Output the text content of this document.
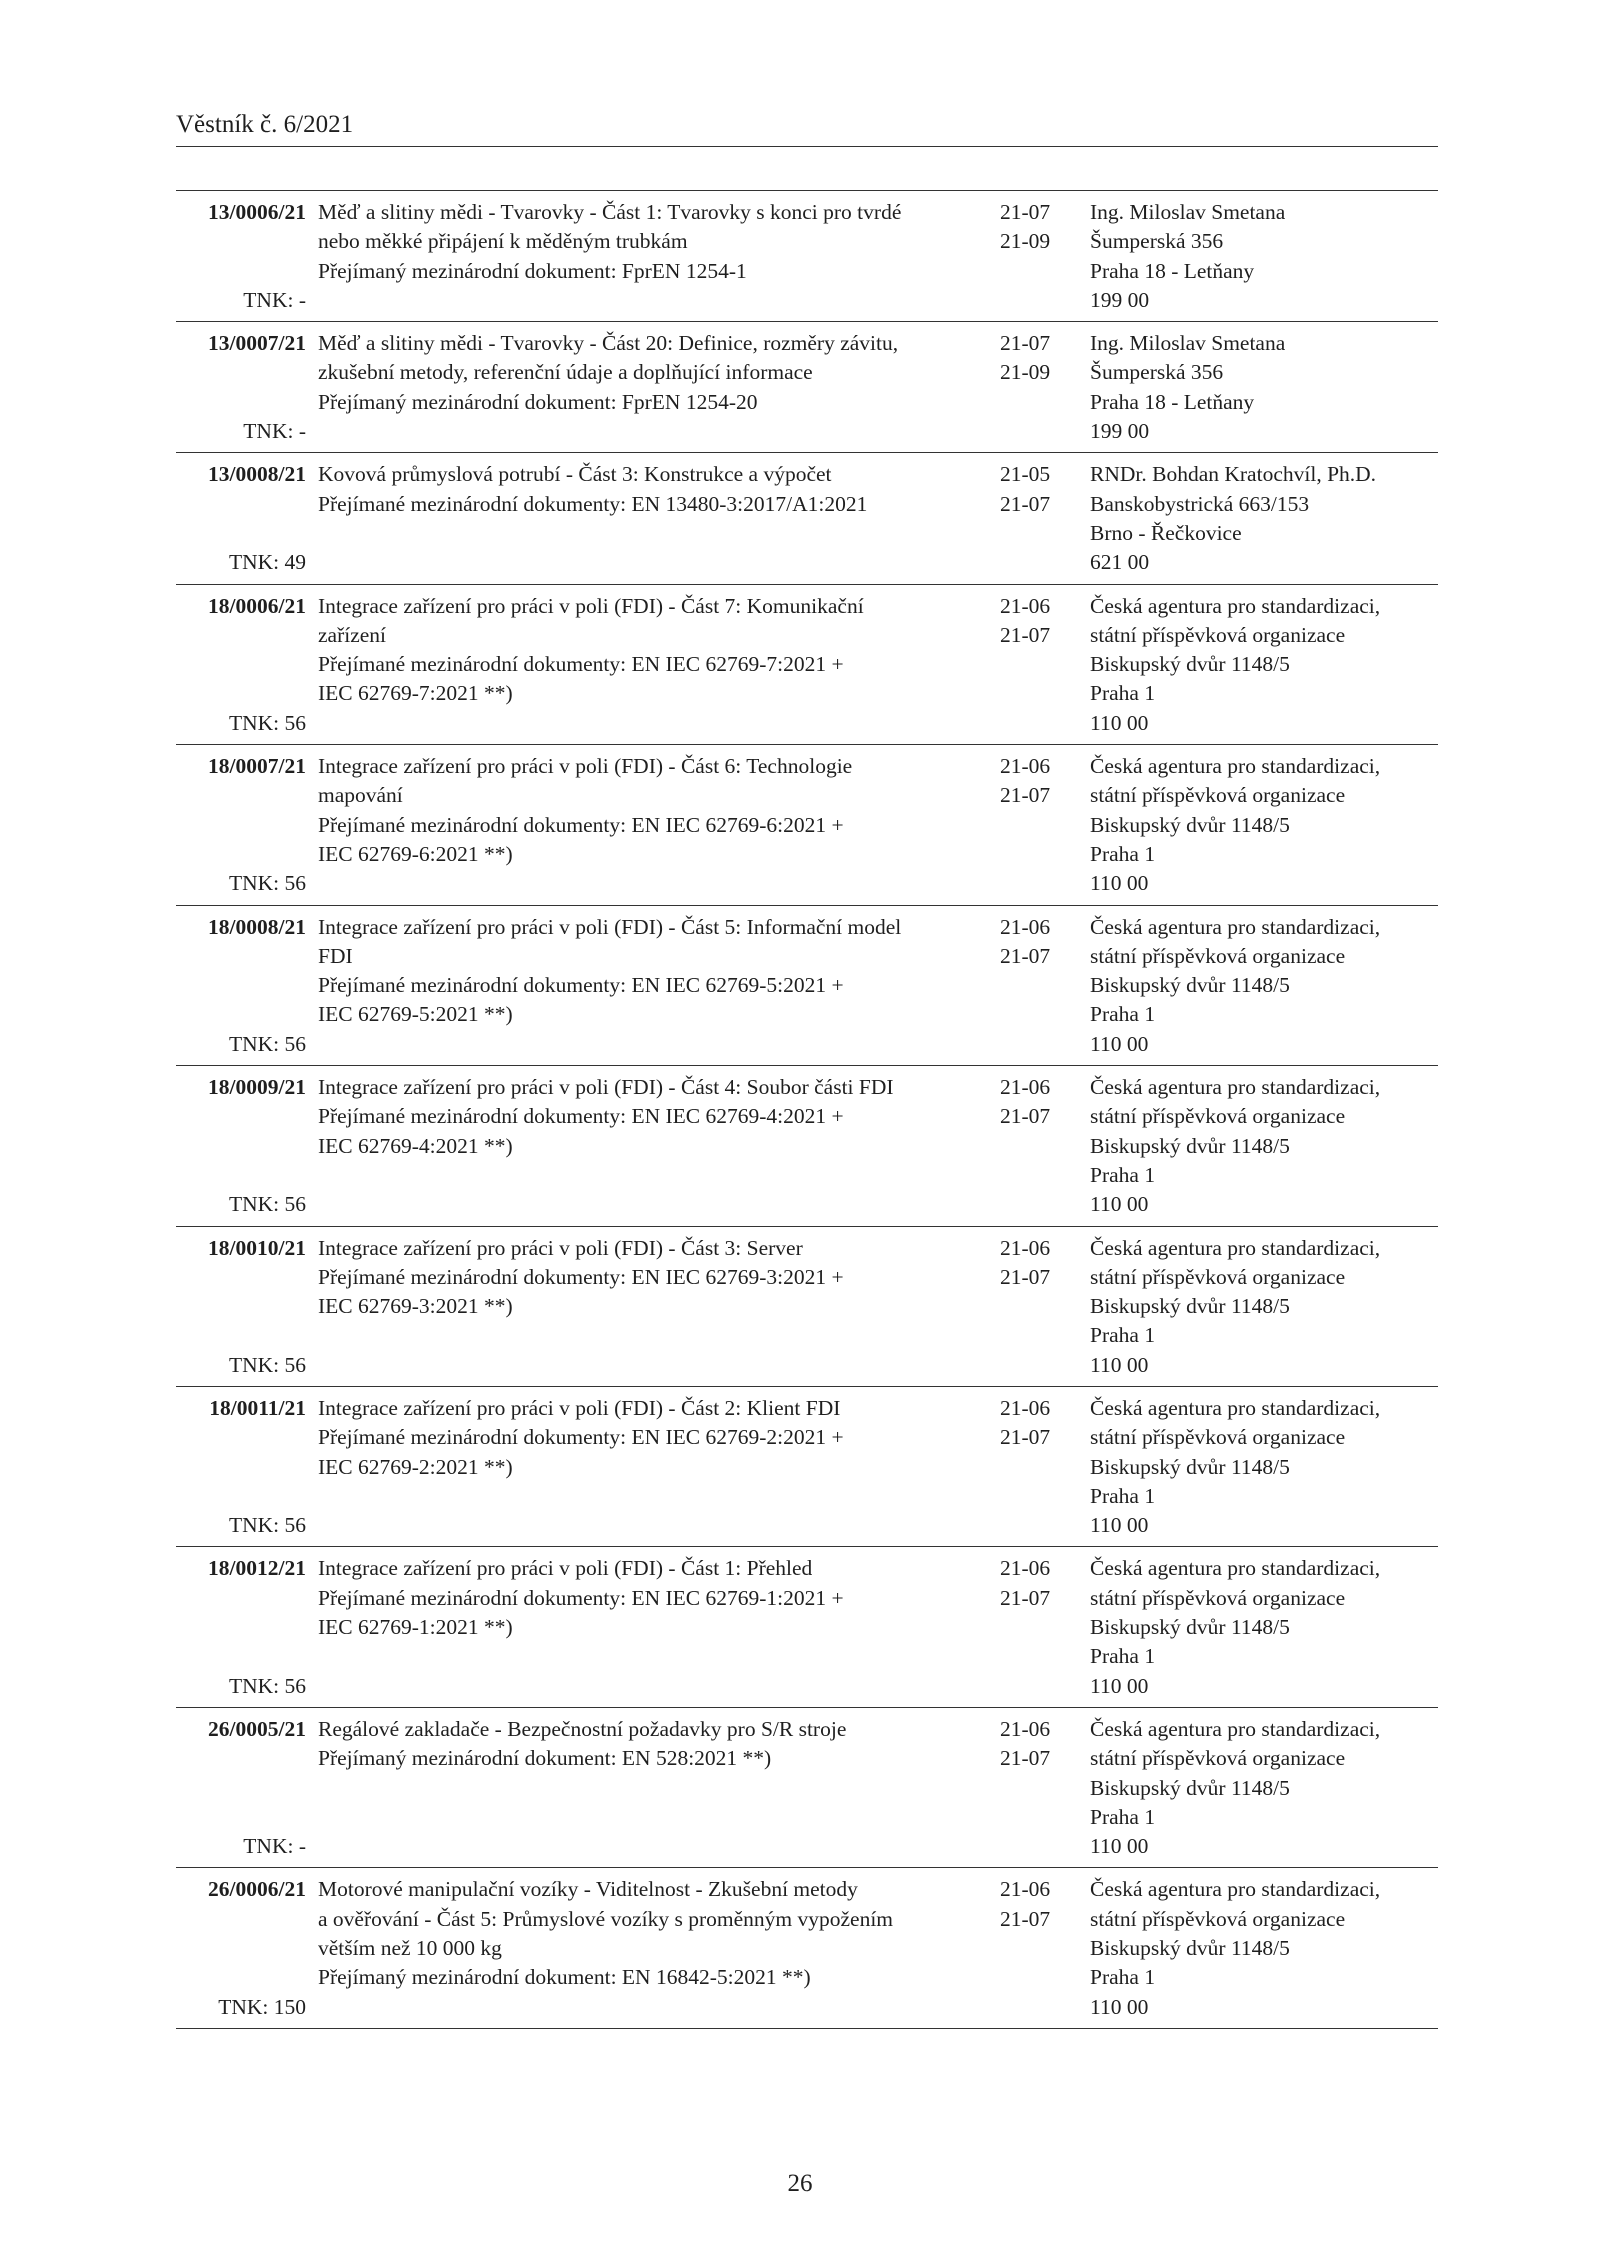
Věstník č. 6/2021
13/0006/21
TNK: -
Měď a slitiny mědi - Tvarovky - Část 1: Tvarovky s konci pro tvrdé
nebo měkké připájení k měděným trubkám
Přejímaný mezinárodní dokument: FprEN 1254-1
21-07
21-09
Ing. Miloslav Smetana
Šumperská 356
Praha 18 - Letňany
199 00
13/0007/21
TNK: -
Měď a slitiny mědi - Tvarovky - Část 20: Definice, rozměry závitu,
zkušební metody, referenční údaje a doplňující informace
Přejímaný mezinárodní dokument: FprEN 1254-20
21-07
21-09
Ing. Miloslav Smetana
Šumperská 356
Praha 18 - Letňany
199 00
13/0008/21
TNK: 49
Kovová průmyslová potrubí - Část 3: Konstrukce a výpočet
Přejímané mezinárodní dokumenty: EN 13480-3:2017/A1:2021
21-05
21-07
RNDr. Bohdan Kratochvíl, Ph.D.
Banskobystrická 663/153
Brno - Řečkovice
621 00
18/0006/21
TNK: 56
Integrace zařízení pro práci v poli (FDI) - Část 7: Komunikační
zařízení
Přejímané mezinárodní dokumenty: EN IEC 62769-7:2021 +
IEC 62769-7:2021 **)
21-06
21-07
Česká agentura pro standardizaci,
státní příspěvková organizace
Biskupský dvůr 1148/5
Praha 1
110 00
18/0007/21
TNK: 56
Integrace zařízení pro práci v poli (FDI) - Část 6: Technologie
mapování
Přejímané mezinárodní dokumenty: EN IEC 62769-6:2021 +
IEC 62769-6:2021 **)
21-06
21-07
Česká agentura pro standardizaci,
státní příspěvková organizace
Biskupský dvůr 1148/5
Praha 1
110 00
18/0008/21
TNK: 56
Integrace zařízení pro práci v poli (FDI) - Část 5: Informační model
FDI
Přejímané mezinárodní dokumenty: EN IEC 62769-5:2021 +
IEC 62769-5:2021 **)
21-06
21-07
Česká agentura pro standardizaci,
státní příspěvková organizace
Biskupský dvůr 1148/5
Praha 1
110 00
18/0009/21
TNK: 56
Integrace zařízení pro práci v poli (FDI) - Část 4: Soubor části FDI
Přejímané mezinárodní dokumenty: EN IEC 62769-4:2021 +
IEC 62769-4:2021 **)
21-06
21-07
Česká agentura pro standardizaci,
státní příspěvková organizace
Biskupský dvůr 1148/5
Praha 1
110 00
18/0010/21
TNK: 56
Integrace zařízení pro práci v poli (FDI) - Část 3: Server
Přejímané mezinárodní dokumenty: EN IEC 62769-3:2021 +
IEC 62769-3:2021 **)
21-06
21-07
Česká agentura pro standardizaci,
státní příspěvková organizace
Biskupský dvůr 1148/5
Praha 1
110 00
18/0011/21
TNK: 56
Integrace zařízení pro práci v poli (FDI) - Část 2: Klient FDI
Přejímané mezinárodní dokumenty: EN IEC 62769-2:2021 +
IEC 62769-2:2021 **)
21-06
21-07
Česká agentura pro standardizaci,
státní příspěvková organizace
Biskupský dvůr 1148/5
Praha 1
110 00
18/0012/21
TNK: 56
Integrace zařízení pro práci v poli (FDI) - Část 1: Přehled
Přejímané mezinárodní dokumenty: EN IEC 62769-1:2021 +
IEC 62769-1:2021 **)
21-06
21-07
Česká agentura pro standardizaci,
státní příspěvková organizace
Biskupský dvůr 1148/5
Praha 1
110 00
26/0005/21
TNK: -
Regálové zakladače - Bezpečnostní požadavky pro S/R stroje
Přejímaný mezinárodní dokument: EN 528:2021 **)
21-06
21-07
Česká agentura pro standardizaci,
státní příspěvková organizace
Biskupský dvůr 1148/5
Praha 1
110 00
26/0006/21
TNK: 150
Motorové manipulační vozíky - Viditelnost - Zkušební metody
a ověřování - Část 5: Průmyslové vozíky s proměnným vypožením
větším než 10 000 kg
Přejímaný mezinárodní dokument: EN 16842-5:2021 **)
21-06
21-07
Česká agentura pro standardizaci,
státní příspěvková organizace
Biskupský dvůr 1148/5
Praha 1
110 00
26
